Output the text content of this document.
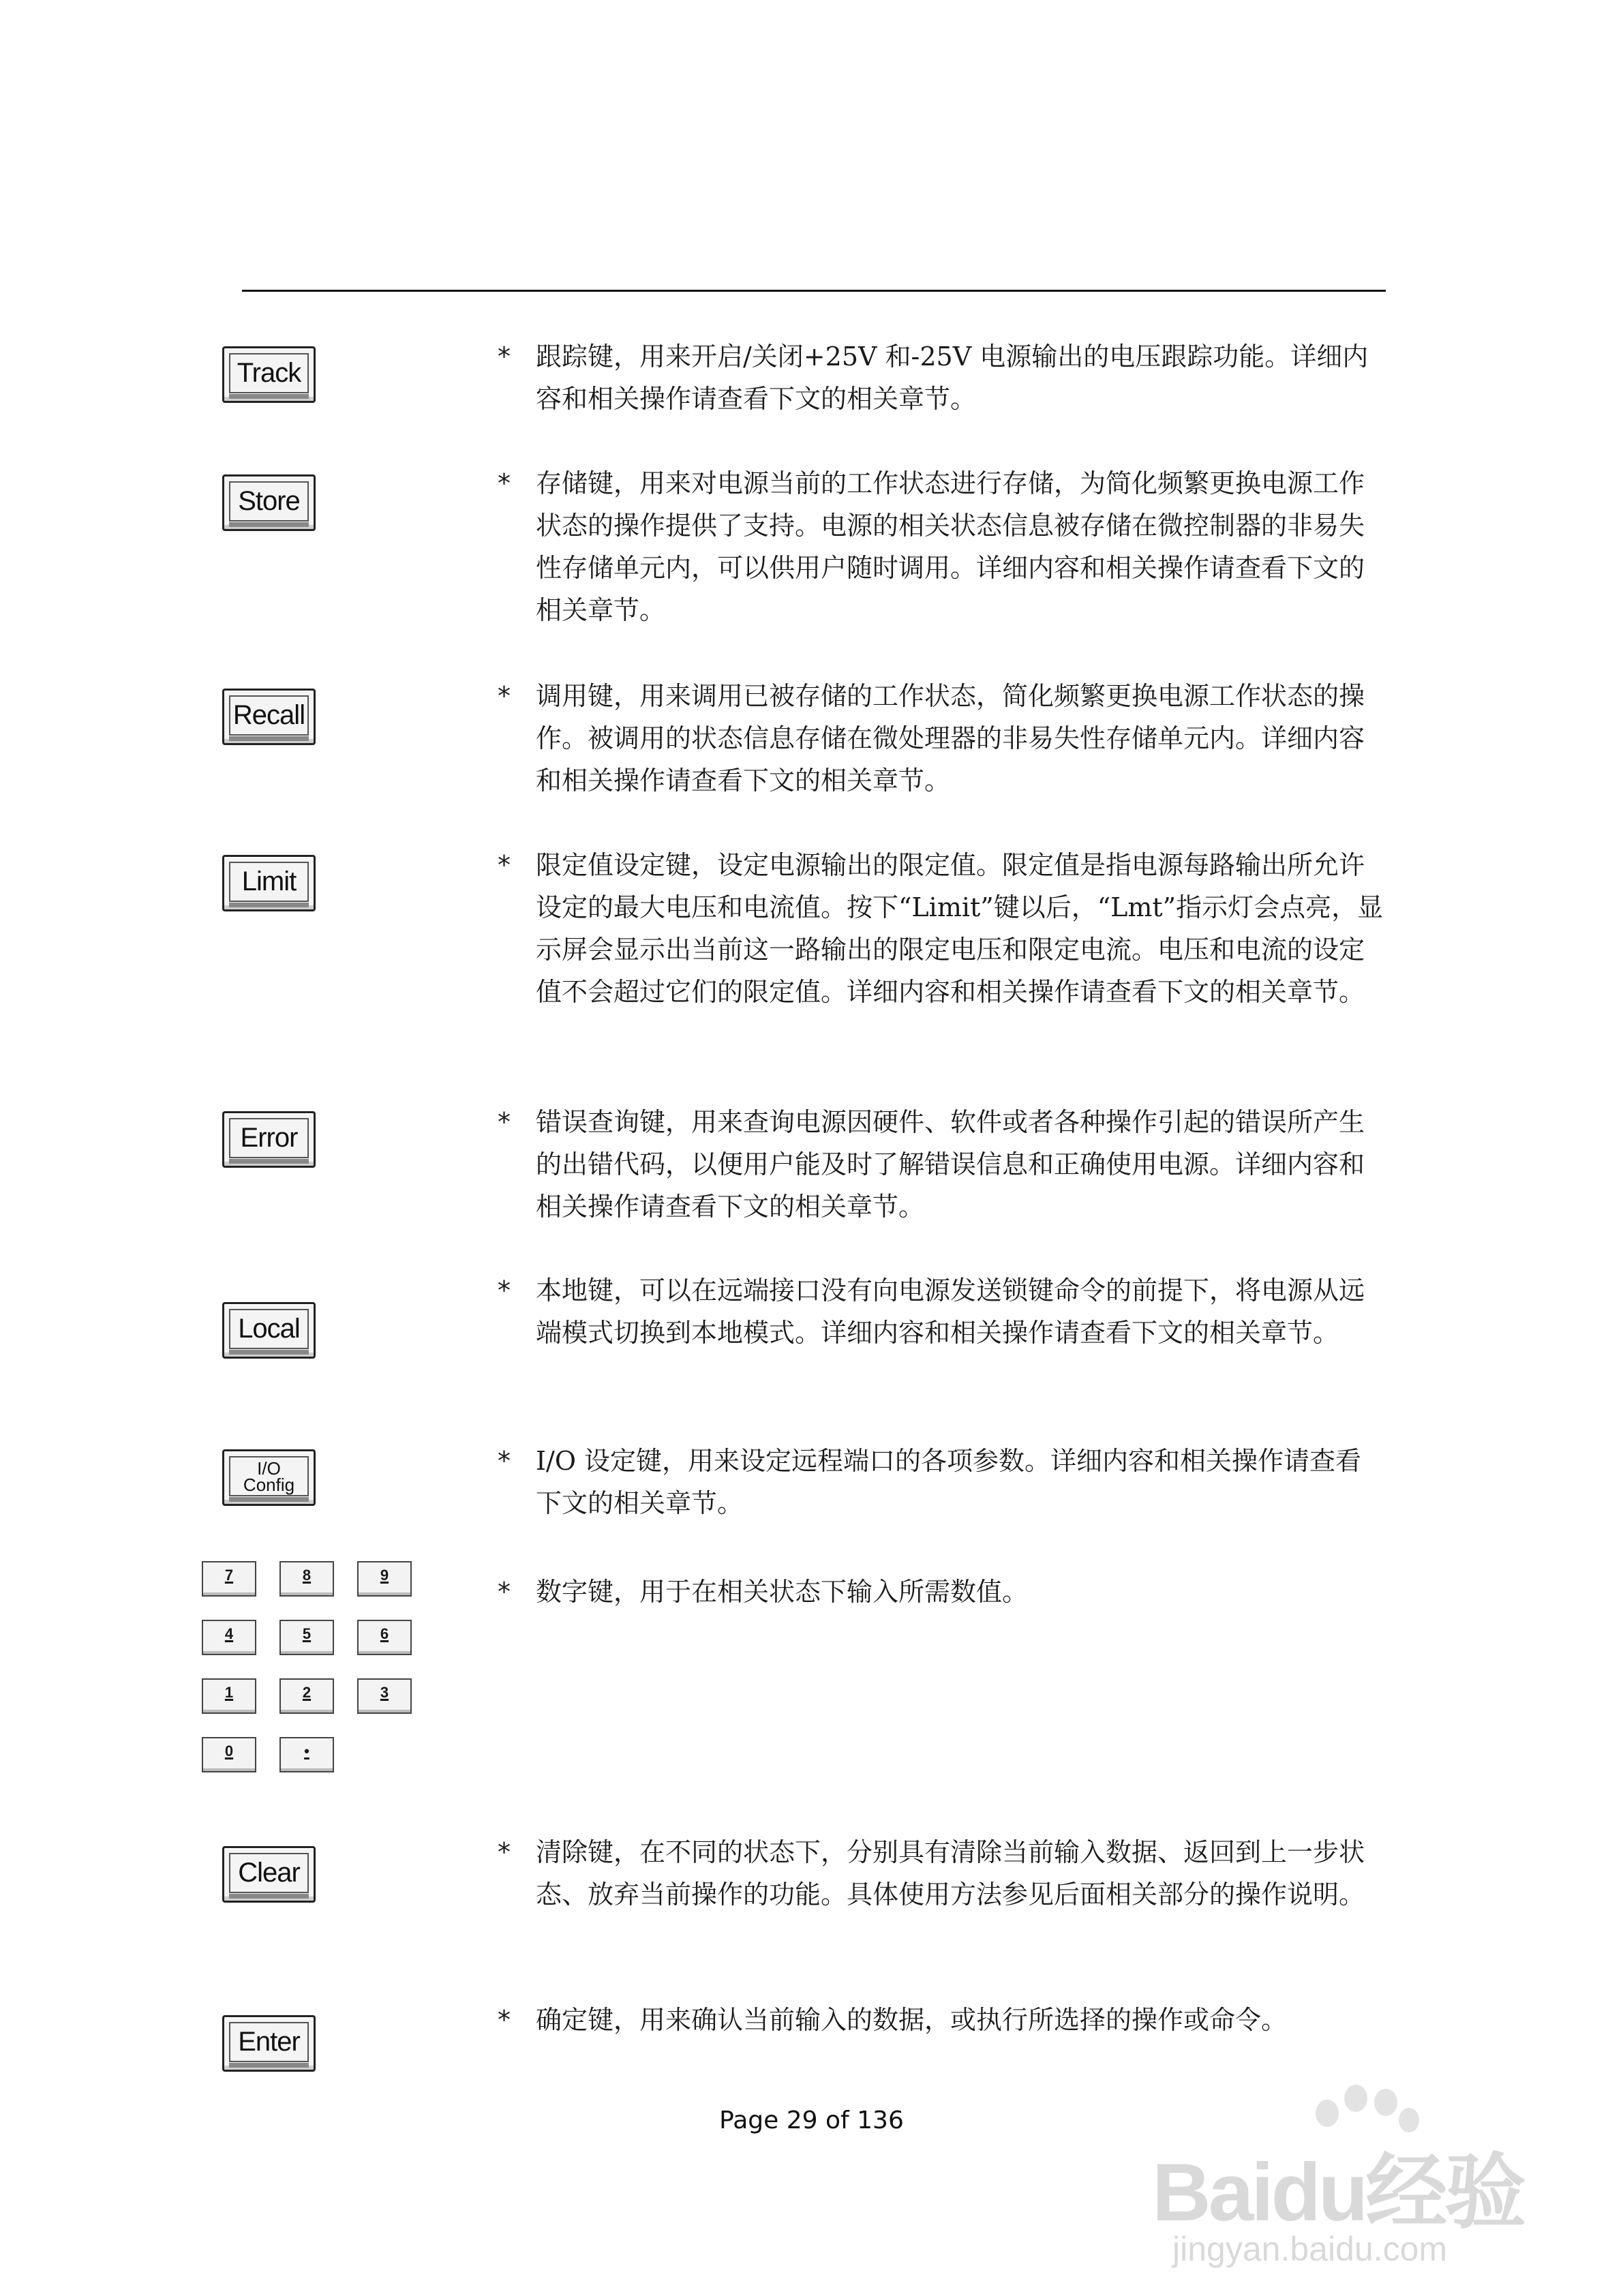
Track

* 跟踪键，用来开启/关闭+25V 和-25V 电源输出的电压跟踪功能。详细内容和相关操作请查看下文的相关章节。

Store

* 存储键，用来对电源当前的工作状态进行存储，为简化频繁更换电源工作状态的操作提供了支持。电源的相关状态信息被存储在微控制器的非易失性存储单元内，可以供用户随时调用。详细内容和相关操作请查看下文的相关章节。

Recall

* 调用键，用来调用已被存储的工作状态，简化频繁更换电源工作状态的操作。被调用的状态信息存储在微处理器的非易失性存储单元内。详细内容和相关操作请查看下文的相关章节。

Limit

* 限定值设定键，设定电源输出的限定值。限定值是指电源每路输出所允许设定的最大电压和电流值。按下“Limit”键以后，“Lmt”指示灯会点亮，显示屏会显示出当前这一路输出的限定电压和限定电流。电压和电流的设定值不会超过它们的限定值。详细内容和相关操作请查看下文的相关章节。

Error

* 错误查询键，用来查询电源因硬件、软件或者各种操作引起的错误所产生的出错代码，以便用户能及时了解错误信息和正确使用电源。详细内容和相关操作请查看下文的相关章节。

Local

* 本地键，可以在远端接口没有向电源发送锁键命令的前提下，将电源从远端模式切换到本地模式。详细内容和相关操作请查看下文的相关章节。

I/O
Config

* I/O 设定键，用来设定远程端口的各项参数。详细内容和相关操作请查看下文的相关章节。

7	8	9
4	5	6
1	2	3
0	•

* 数字键，用于在相关状态下输入所需数值。

Clear

* 清除键，在不同的状态下，分别具有清除当前输入数据、返回到上一步状态、放弃当前操作的功能。具体使用方法参见后面相关部分的操作说明。

Enter

* 确定键，用来确认当前输入的数据，或执行所选择的操作或命令。

Page 29 of 136
Baidu经验
jingyan.baidu.com
